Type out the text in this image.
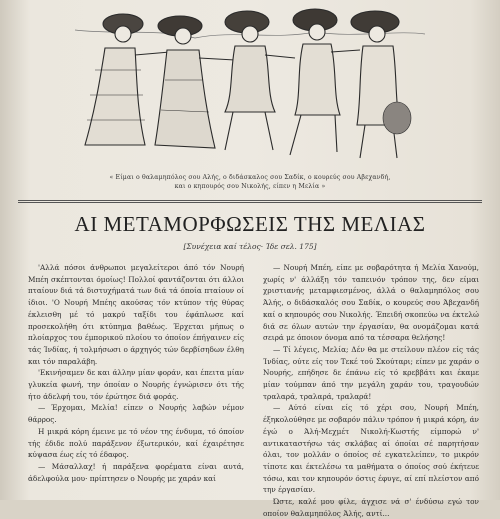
« Είμαι ο θαλαμηπόλος σου Αλής, ο διδάσκαλος σου Σαδίκ, ο κουρεύς σου Αβεχανδή,
και ο κηπουρός σου Νικολής, είπεν η Μελία »
ΑΙ ΜΕΤΑΜΟΡΦΩΣΕΙΣ ΤΗΣ ΜΕΛΙΑΣ
[Συνέχεια καί τέλος· Ίδε σελ. 175]

'Αλλά πόσοι άνθρωποι μεγαλείτεροι άπό τόν Νουρή Μπέη σκέπτονται όμοίως! Πολλοί φαντάζονται ότι άλλοι πταίουν διά τά διστυχήματά των διά τά όποία πταίουν οί ίδιοι. 'Ο Νουρή Μπέης ακούσας τόν κτύπον τής θύρας έκλεισθη μέ τό μακρύ ταξίδι του έφάπλωσε καί προσεκολήθη ότι κτύπημα βαθέως. Έρχεται μήπως ο πλοίαρχος του έμπορικού πλοίου το όποίον έπήγαινεν είς τάς Ίνδίας, ή τολμήσωσι ο άρχηγός τών δερβίσηδων έλθη και τόν παραλάβη.

'Εκινήσαμεν δε και άλλην μίαν φοράν, και έπειτα μίαν γλυκεία φωνή, την όποίαν ο Νουρής έγνώρισεν ότι τής ήτο άδελφή του, τόν έρώτησε διά φοράς.

— Έρχομαι, Μελία! είπεν ο Νουρής λαβών νέμον θάρρος.

Η μικρά κόρη έμεινε με τό νέον της ένδυμα, τό όποίον τής έδιδε πολύ παράξενον έξωτερικόν, καί έχαιρέτησε κύψασα έως είς τό έδαφος.

— Μάσαλλαχ! ή παράξενα φορέματα είναι αυτά, άδελφούλα μου· πρίπτησεν ο Νουρής με χαράν καί

— Νουρή Μπέη, είπε με σοβαρότητα ή Μελία Χανούμ, χωρίς ν' άλλάξη τόν ταπεινόν τρόπον της, δεν είμαι χριστιανής μεταμφιεσμένος, άλλά ο θαλαμηπόλος σου Άλής, ο διδάσκαλός σου Σαδίκ, ο κουρεύς σου Άβεχανδή καί ο κηπουρός σου Νικολής. Έπειδή σκοπεύω να έκτελώ διά σε όλων αυτών την έργασίαν, θα ονομάζομαι κατά σειρά με όποιον όνομα από τα τέσσαρα θελήσης!

— Τί λέγεις, Μελία; Δέν θα με στείλουν πλέον είς τάς Ίνδίας, ούτε είς τον Τεκέ τού Σκούταρι; είπεν με χαράν ο Νουρής, επήδησε δε έπάνω είς τό κρεββάτι και έκαμε μίαν τούμπαν άπό την μεγάλη χαράν του, τραγουδών τραλαρά, τραλαρά, τραλαρά!

— Αύτό είναι είς τό χέρι σου, Νουρή Μπέη, έξηκολούθησε με σοβαρόν πάλιν τρόπον ή μικρά κόρη, άν έγώ ο Άλή-Μεχμέτ Νικολή-Κωστής είμπορώ ν' αντικαταστήσω τάς σκλάβας αί όποίαι σέ παρητήσαν όλαι, τον μολλάν ο όποίος σέ εγκατελείπεν, το μικρόν τίποτε και έκτελέσω τα μαθήματα ο όποίος σού έκήτευε τόσω, και τον κηπουρόν όστις έφυγε, αί επί πλείστον από την έργασίαν.

Ώστε, καλέ μου φίλε, άγχισε νά σ' ένδύσω εγώ τον οποίον θαλαμηπόλος Άλής, αντί...
